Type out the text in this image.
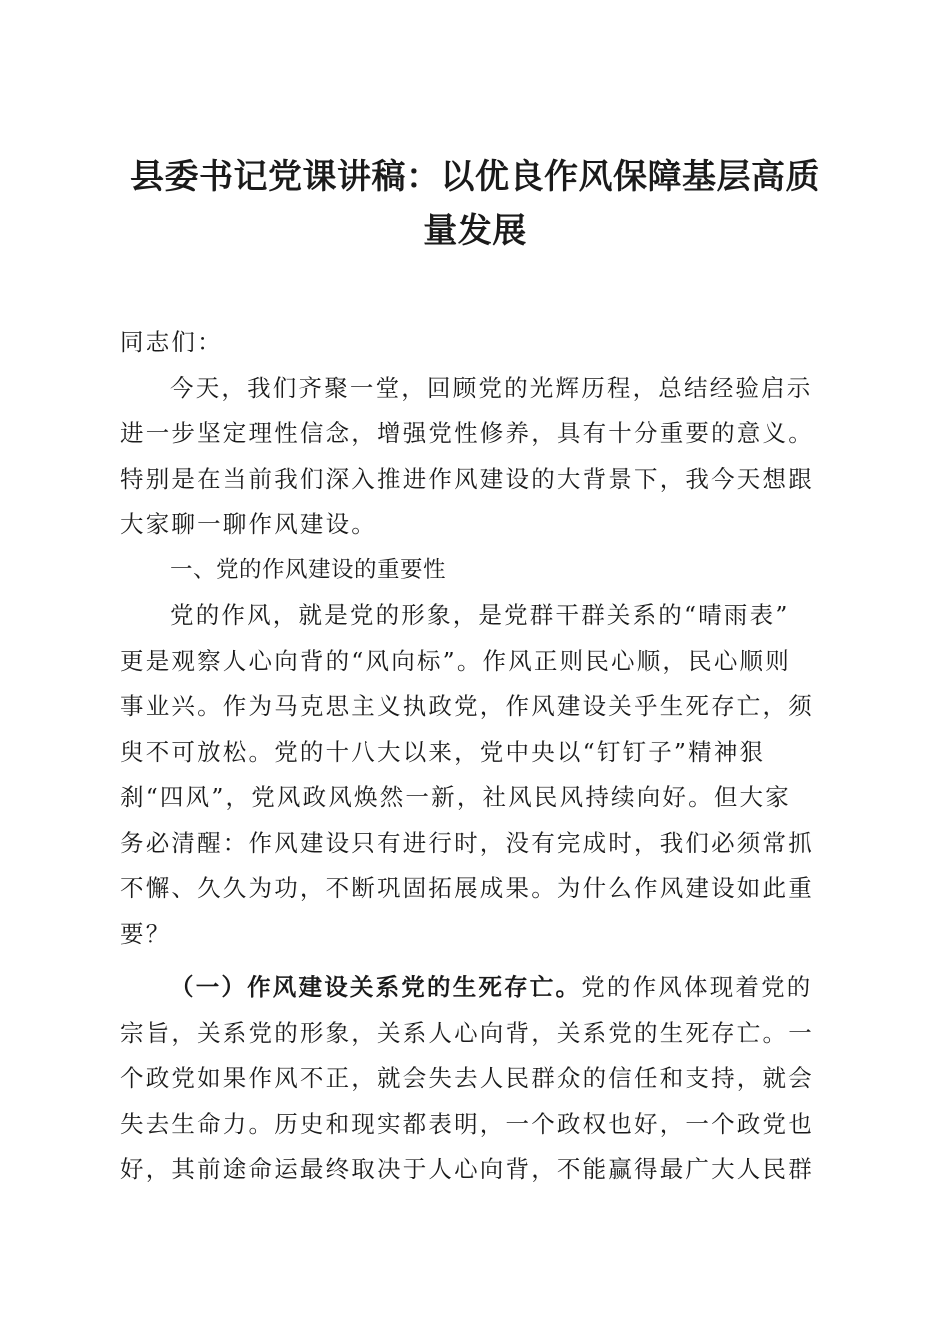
县委书记党课讲稿：以优良作风保障基层高质
量发展
同志们：
今天，我们齐聚一堂，回顾党的光辉历程，总结经验启示
进一步坚定理性信念，增强党性修养，具有十分重要的意义。
特别是在当前我们深入推进作风建设的大背景下，我今天想跟
大家聊一聊作风建设。
一、党的作风建设的重要性
党的作风，就是党的形象，是党群干群关系的“晴雨表”
更是观察人心向背的“风向标”。作风正则民心顺，民心顺则
事业兴。作为马克思主义执政党，作风建设关乎生死存亡，须
臾不可放松。党的十八大以来，党中央以“钉钉子”精神狠
刹“四风”，党风政风焕然一新，社风民风持续向好。但大家
务必清醒：作风建设只有进行时，没有完成时，我们必须常抓
不懈、久久为功，不断巩固拓展成果。为什么作风建设如此重
要？
（一）作风建设关系党的生死存亡。党的作风体现着党的
宗旨，关系党的形象，关系人心向背，关系党的生死存亡。一
个政党如果作风不正，就会失去人民群众的信任和支持，就会
失去生命力。历史和现实都表明，一个政权也好，一个政党也
好，其前途命运最终取决于人心向背，不能赢得最广大人民群
